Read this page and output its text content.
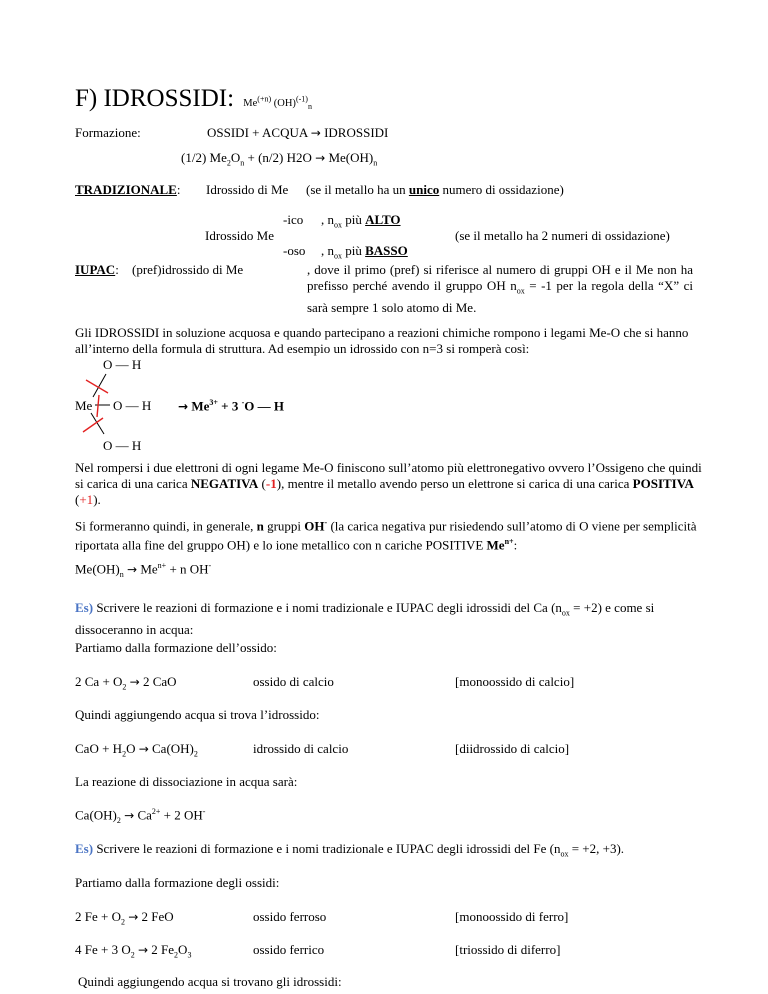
F) IDROSSIDI: $Me^{(+n)}$ (OH)$^{(-1)}_n$
Formazione:	OSSIDI + ACQUA → IDROSSIDI
(1/2) $Me_2O_n + (n/2) H2O \to Me(OH)_n$
TRADIZIONALE: Idrossido di Me (se il metallo ha un unico numero di ossidazione)
-ico , $n_{ox}$ più ALTO
Idrossido Me	(se il metallo ha 2 numeri di ossidazione)
-oso , $n_{ox}$ più BASSO
IUPAC: (pref)idrossido di Me	, dove il primo (pref) si riferisce al numero di gruppi OH e il Me non ha prefisso perché avendo il gruppo OH $n_{ox} = -1$ per la regola della “X” ci sarà sempre 1 solo atomo di Me.
Gli IDROSSIDI in soluzione acquosa e quando partecipano a reazioni chimiche rompono i legami Me-O che si hanno all’interno della formula di struttura. Ad esempio un idrossido con n=3 si romperà così:
O — H
Me O — H
O — H
→ $Me^{3+} + 3$ -O — H
Nel rompersi i due elettroni di ogni legame Me-O finiscono sull’atomo più elettronegativo ovvero l’Ossigeno che quindi si carica di una carica NEGATIVA (-1), mentre il metallo avendo perso un elettrone si carica di una carica POSITIVA (+1).
Si formeranno quindi, in generale, n gruppi OH- (la carica negativa pur risiedendo sull’atomo di O viene per semplicità riportata alla fine del gruppo OH) e lo ione metallico con n cariche POSITIVE $Me^{n+}$:
$Me(OH)_n \to Me^{n+} + n$ OH-
Es) Scrivere le reazioni di formazione e i nomi tradizionale e IUPAC degli idrossidi del Ca $(n_{ox} = +2)$ e come si dissoceranno in acqua:
Partiamo dalla formazione dell’ossido:
2 $Ca + O_2 \to 2$ CaO	ossido di calcio	[monoossido di calcio]
Quindi aggiungendo acqua si trova l’idrossido:
CaO + $H_2O \to Ca(OH)_2$	idrossido di calcio	[diidrossido di calcio]
La reazione di dissociazione in acqua sarà:
$Ca(OH)_2 \to Ca^{2+} + 2$ OH-
Es) Scrivere le reazioni di formazione e i nomi tradizionale e IUPAC degli idrossidi del Fe ($n_{ox} = +2$, +3).
Partiamo dalla formazione degli ossidi:
2 $Fe + O_2 \to 2$ FeO	ossido ferroso	[monoossido di ferro]
4 Fe + 3 $O_2 \to 2$ $Fe_2O_3$	ossido ferrico	[triossido di diferro]
Quindi aggiungendo acqua si trovano gli idrossidi:
